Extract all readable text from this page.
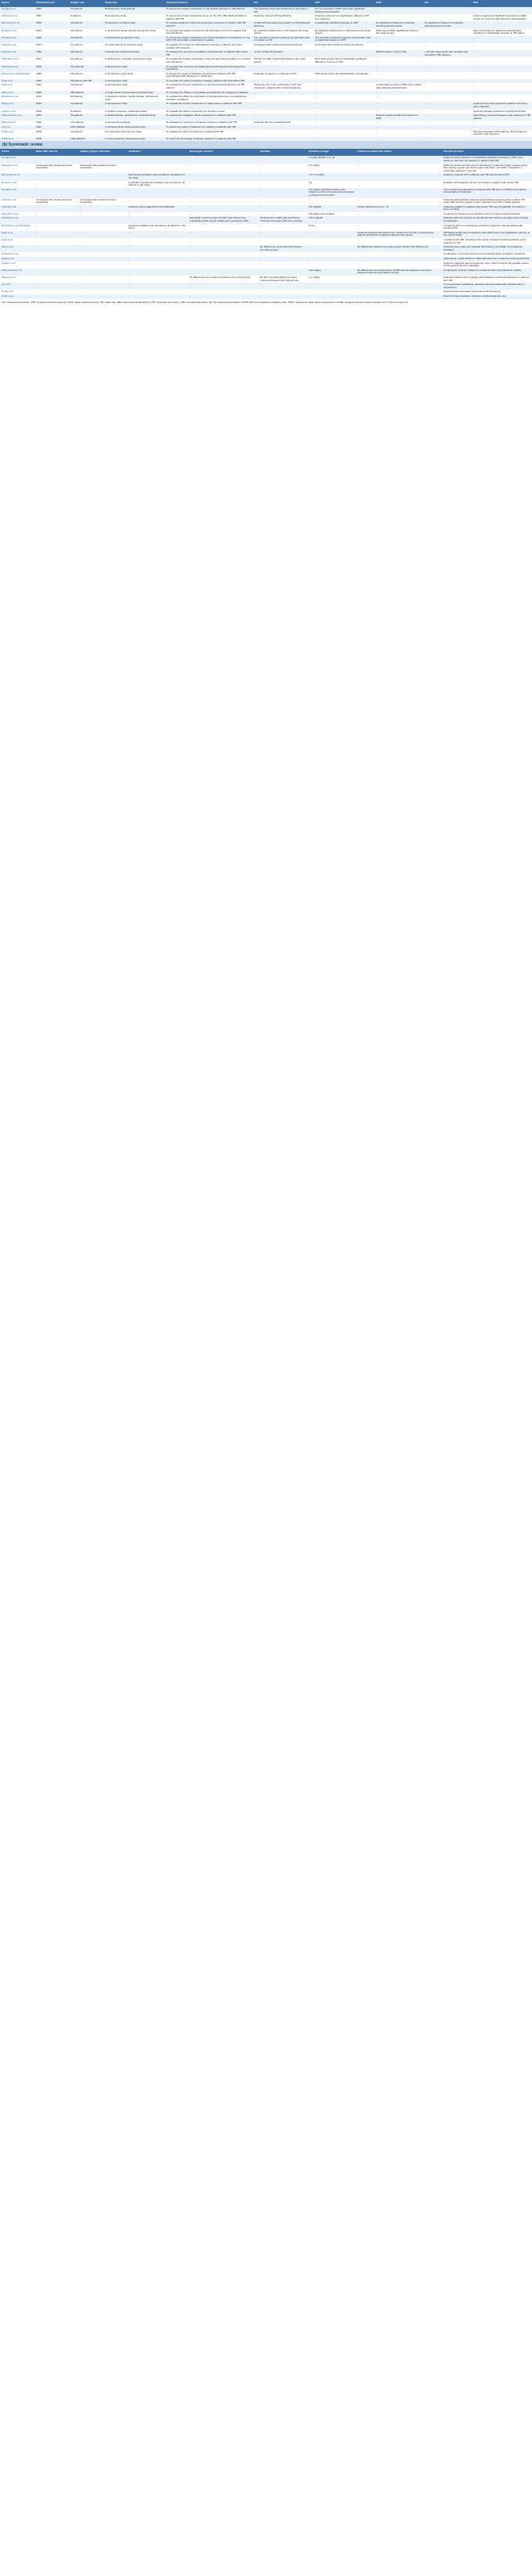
Author	Publication year	Sample size	Study type	Aims/interventions	ICP	CPP	MAP	HR	EEG
Dengler et al.	2022	43 patients	Retrospective observational	To assess the impact of ketamine on the clinical outcomes in TBI patients	The ketamine bolus was followed by a decrease in ICP	A 2 mm increase in CPP; there was significant influence from baseline	-	-	-
Albanèse et al.	1997	8 patients	Retrospective study	To assess the impact of ketamine bolus, on the ICP, CBF, MAP and EEG in patients with TBI	Ketamine reduced ICP significantly	Ketamine bolus did not significantly influence CPP from baseline	-	-	A burst suppression significant depression in EEG activity as observed after ketamine administration
Bar-Joseph et al.	2009	30 patients	Prospective controlled study	To evaluate ketamine bolus's hemodynamic responses in children with TBI with ICP	In 30% ICP decreased by at least 1 mmHg following ketamine	A statistically significant increase in CPP	No significant change from baseline, following ketamine bolus	No significant change from baseline, following ketamine bolus	-
Bourgoin et al.	2003	25 patients	A randomized double-blinded prospective study	To compare the impact of ketamine and sufentanil in terms of sedation and hemodynamics	No significant differences in ICP between the study groups	No significant differences in CPP between the study groups	MAP did not differ significantly between the study groups	-	Days 3 and Day 4 of ketamine administration resulted in a significantly elevation in HR values
Bourgoin et al.	2005	30 patients	A randomized prospective study	To assess the impact of ketamine and sufentanil plasma concentrations on the CPP, ICP and middle cerebral artery velocity	The increase in ketamine plasma concentration had no impact on ICP	The increase in ketamine plasma concentration had no significant impact on CPP	-	-	-
Caricato et al.	2013	21 patients	An observational prospective study	To evaluate the impact of endotracheal suctioning in patients who were sedated with ketamine	Unchanged after ketamine-based anesthesia	Unchanged after ketamine-based anesthesia	-	-	-
Kolenda et al.	1996	35 patients	A prospective randomized study	To evaluate the outcomes of sedation using ketamine in patients with severe TBI	+1.30 mmHg ICP elevation	-	MAP elevation +1.53 mmHg	+ 20 bpm mean pulse rate elevation was recorded in TBI patients	-
Schmittner et al.	2007	24 patients	A randomized, controlled, prospective study	To evaluate the impact of ketamine versus fentanyl based sedation on cerebral hemodynamics	ICP did not differ significantly between the study groups	Both study groups had no statistically significant difference in terms of CPP	-	-	-
Grathwohl et al.	2008	214 patients	A retrospective study	To compare the outcomes of volatile gas anesthesia and total intravenous anesthesia	-	-	-	-	-
Belopavlovic and Buchthal	1982	15 patients	A prospective cohort study	To assess the impact of ketamine anesthesia in patients with TBI premedicated with diazepam or midazolam	Ketamine resulted in no changes of ICP	CPP declined after the administration of ketamine	-	-	-
Patel et al.	2020	49 patients with TBI	A retrospective study	To compare the safety of ketamine between patients with and without TBI	-	-	-	-	-
Laws et al.	2022	30 patients	A retrospective study	To evaluate the impact of ketamine on the cerebral hemodynamics of TBI patients	During the ICP crisis, a decrease in ICP was observed in patients who received ketamine	-	A noticeable increase in MAP was noticed after ketamine administration	-	-
Jabre et al.	2009	655 patients	A single-blinded randomized controlled study	To compare the efficacy of etomidate and ketamine for emergency intubation	-	-	-	-	-
Dimitrievic et al.	2012	84 patients	A placebo-controlled, double-blinded, randomized study	To evaluate the effect of combination of propofol-ketamine on endotracheal intubation conditions	-	-	-	-	-
Alsaju et al.	2018	12 patients	A retrospective study	To evaluate the impact of ketamine on brain waves in patients with TBI	-	-	-	-	A gamma burst was reported in patients who were given ketamine
Carlson et al.	2018	8 patients	A multiple crossover, randomized study	To evaluate the effects of ketamine on the ECG record	-	-	-	-	Ketamine dosage resulted in a significant decline
Mahendravati et al.	2022	50 patients	A double-blinded, randomized, controlled study	To evaluate the analgesic effects of ketamine in patients with TBI	-	-	Patients reported a 6% improvement in MAP	-	Alternatively, reduced frequency was observed in TBI patients
Masood et al.	2022	172 patients	A retrospective analysis	To evaluate the outcomes of ketamine infusion in patients with TBI	Ketamine did not exacerbated ICP	-	-	-	-
Lid et al.	2022	2073 patients	A nonrandomized observational study	To assess the safety of ketamine for sedation in patients with TBI	-	-	-	-	-
Hertle et al.	2018	43 patients	An exploratory retrospective study	To evaluate the effect of ketamine in patients with TBI	-	-	-	-	SD was associated with ketamine. Beta frequency reduction was observed
Smith et al.	2019	1009 patients	A cross-sectional, observational study	To report the ICU-based medication practices in patients with TBI	-	-	-	-	-
(b) Systematic review
Author	Mean CBF velocity	Jugular oxygen saturation	Ventilation	Neurologic outcome	Mortality	Ketamine dosage	Treatment-related side effects	Overall outcomes
Dengler et al.	-	-	-	-	-	2 mg/kg (RASS -3 to -4)	-	Ketamine bolus resulted in a statistically significant elevation in CPP and a decline in ICP from the baseline in patients with TBI
Albanèse et al.	Unchanged after ketamine-based anesthesia	Unchanged after ketamine-based anesthesia	-	-	-	1.5 mg/kg	-	While the ketamine bolus did not significantly impact the middle cerebral artery flow velocity, jugular vein bulb oxygen saturation, and CPP, it resulted in a noticeable reduction in the ICP
Bar-Joseph et al.	-	-	Mechanical ventilation was provided to all patients in the study	-	-	1 to 1.5 mg/kg	-	Ketamine reduced ICP in patients with TBI and elevated CPP
Bourgoin et al.	-	-	Controlled mechanical ventilation was provided to all patients in the study	-	-	5 g	-	Sedation with ketamine can be used safely in patients with severe TBI
Bourgoin et al.	-	-	-	-	-	The target-controlled infusion was initiated, and then the dose was increased to plasma concentration	-	The cerebral hemodynamics in patients with TBI were not affected by plasma concentration of ketamine
Caricato et al.	Unchanged after ketamine-based anesthesia	Unchanged after ketamine-based anesthesia	-	-	-	-	-	Ketamine administration following endotracheal suctioning did not affect ICP, mean CBF velocity, jugular oxygen saturation and CPP in adult patients
Kolenda et al.	-	-	Ketamine bolus triggered bronchodilatation	-	-	6.5 mg/kg/h	Cardio-vascular arrest (n = 1)	Ketamine sedation in patients with severe TBI was comparable to fentanyl in terms of safety
Schmittner et al.	-	-	-	-	-	5.8 μg/kg body weight/h	-	Compared to fentanyl group, ketamine did not impact cerebral perfusion
Grathwohl et al.	-	-	-	Neurologic outcome improved after total intravenous anesthesia (15%) versus volatile gas anesthesia (10%)	Compared to volatile gas anesthesia, TIVA was associated with less mortality	0.5-2 μg/kg/h	-	Patients with total intravenous anesthesia had reduced mortality and neurologic complications
Belopavlovic and Buchthal	-	-	Assisted ventilation was provided to all patients in the study	-	-	5 mg	-	In patients with non-intracranial complaints, ketamine was associated with elevated ICP
Patel et al.	-	-	-	-	-	-	Ketamine-induced side effects were observed in 24.4% of brain trauma patients and 19.6% of patients without brain trauma	TBI-based assignment of ketamine side effects were not a significant outcome in the current study
Laws et al.	-	-	-	-	-	-	-	In patients with TBI, ketamine bolus led to increased cerebral perfusion and a reduction in ICP
Jabre et al.	-	-	-	-	No differences were observed between the study groups	-	No differences between the study groups noted in the SOFA score	Ketamine was a safe and valuable alternative to etomidate for emergency intubation
Dimitrievic et al.	-	-	-	-	-	-	-	Combination of propofol-ketamine demonstrated better intubation conditions
Alsaju et al.	-	-	-	-	-	-	-	Alternatively, a 30% decline in SDP was observed in patients receiving ketamine
Carlson et al.	-	-	-	-	-	-	-	Ketamine triggered gamma frequency rises, which could be the possible reason for the gamma burst on paradigm
Mahendravati et al.	-	-	-	-	-	0.01 mg/kg	No differences were observed in GOSE and hemodynamic outcomes between ketamine and placebo groups	Compared to propofol, ketamine resulted in better hemodynamic stability
Masood et al.	-	-	-	No differences were observed between the study groups	No 28-d mortality differences were observed between the study groups	1.2 mg/kg	-	Ketamine infusion did not trigger anti-intubation related complications in patients with TBI
Lid et al.	-	-	-	-	-	-	-	In non-traumatic intubations, ketamine was associated with elevated risk of hypotension
Hertle et al.	-	-	-	-	-	-	-	Ketamine was associated with reduced SD frequency
Smith et al.	-	-	-	-	-	-	-	Most ICU-based sedation practices included ketamine use
ICP: Intracranial pressure, CPP: Cerebral perfusion pressure, MAP: Mean arterial pressure, HR: Heart rate, EEG: Electroencephalography, TBI: Traumatic brain injury, CBF: Cerebral blood flow, SD: Spreading depolarization, RASS: Richmond agitation-sedation scale, SOFA: Sequential organ failure assessment, GOSE: Glasgow outcome scale extended, ICU: Intensive care unit
